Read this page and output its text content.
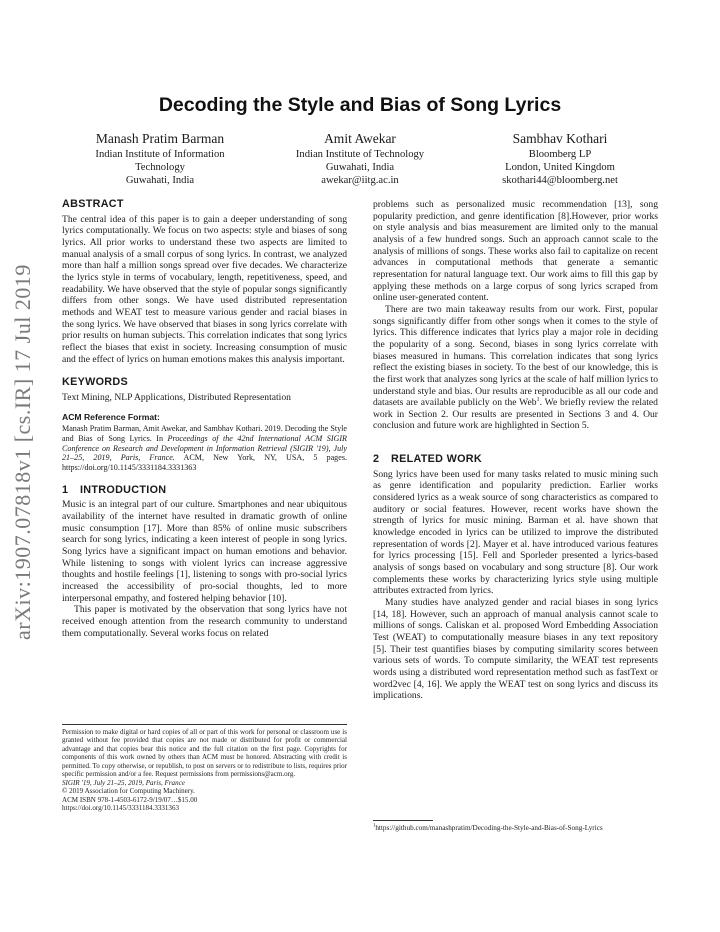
arXiv:1907.07818v1 [cs.IR] 17 Jul 2019
Decoding the Style and Bias of Song Lyrics
Manash Pratim Barman
Indian Institute of Information
Technology
Guwahati, India
Amit Awekar
Indian Institute of Technology
Guwahati, India
awekar@iitg.ac.in
Sambhav Kothari
Bloomberg LP
London, United Kingdom
skothari44@bloomberg.net
ABSTRACT

The central idea of this paper is to gain a deeper understanding of song lyrics computationally. We focus on two aspects: style and biases of song lyrics. All prior works to understand these two aspects are limited to manual analysis of a small corpus of song lyrics. In contrast, we analyzed more than half a million songs spread over five decades. We characterize the lyrics style in terms of vocabulary, length, repetitiveness, speed, and readability. We have observed that the style of popular songs significantly differs from other songs. We have used distributed representation methods and WEAT test to measure various gender and racial biases in the song lyrics. We have observed that biases in song lyrics correlate with prior results on human subjects. This correlation indicates that song lyrics reflect the biases that exist in society. Increasing consumption of music and the effect of lyrics on human emotions makes this analysis important.

KEYWORDS

Text Mining, NLP Applications, Distributed Representation

ACM Reference Format:

Manash Pratim Barman, Amit Awekar, and Sambhav Kothari. 2019. Decoding the Style and Bias of Song Lyrics. In Proceedings of the 42nd International ACM SIGIR Conference on Research and Development in Information Retrieval (SIGIR '19), July 21–25, 2019, Paris, France. ACM, New York, NY, USA, 5 pages. https://doi.org/10.1145/3331184.3331363

1 INTRODUCTION

Music is an integral part of our culture. Smartphones and near ubiquitous availability of the internet have resulted in dramatic growth of online music consumption [17]. More than 85% of online music subscribers search for song lyrics, indicating a keen interest of people in song lyrics. Song lyrics have a significant impact on human emotions and behavior. While listening to songs with violent lyrics can increase aggressive thoughts and hostile feelings [1], listening to songs with pro-social lyrics increased the accessibility of pro-social thoughts, led to more interpersonal empathy, and fostered helping behavior [10].

This paper is motivated by the observation that song lyrics have not received enough attention from the research community to understand them computationally. Several works focus on related

Permission to make digital or hard copies of all or part of this work for personal or classroom use is granted without fee provided that copies are not made or distributed for profit or commercial advantage and that copies bear this notice and the full citation on the first page. Copyrights for components of this work owned by others than ACM must be honored. Abstracting with credit is permitted. To copy otherwise, or republish, to post on servers or to redistribute to lists, requires prior specific permission and/or a fee. Request permissions from permissions@acm.org.

SIGIR '19, July 21–25, 2019, Paris, France
© 2019 Association for Computing Machinery.
ACM ISBN 978-1-4503-6172-9/19/07…$15.00
https://doi.org/10.1145/3331184.3331363

problems such as personalized music recommendation [13], song popularity prediction, and genre identification [8].However, prior works on style analysis and bias measurement are limited only to the manual analysis of a few hundred songs. Such an approach cannot scale to the analysis of millions of songs. These works also fail to capitalize on recent advances in computational methods that generate a semantic representation for natural language text. Our work aims to fill this gap by applying these methods on a large corpus of song lyrics scraped from online user-generated content.

There are two main takeaway results from our work. First, popular songs significantly differ from other songs when it comes to the style of lyrics. This difference indicates that lyrics play a major role in deciding the popularity of a song. Second, biases in song lyrics correlate with biases measured in humans. This correlation indicates that song lyrics reflect the existing biases in society. To the best of our knowledge, this is the first work that analyzes song lyrics at the scale of half million lyrics to understand style and bias. Our results are reproducible as all our code and datasets are available publicly on the Web$^1$. We briefly review the related work in Section 2. Our results are presented in Sections 3 and 4. Our conclusion and future work are highlighted in Section 5.

2 RELATED WORK

Song lyrics have been used for many tasks related to music mining such as genre identification and popularity prediction. Earlier works considered lyrics as a weak source of song characteristics as compared to auditory or social features. However, recent works have shown the strength of lyrics for music mining. Barman et al. have shown that knowledge encoded in lyrics can be utilized to improve the distributed representation of words [2]. Mayer et al. have introduced various features for lyrics processing [15]. Fell and Sporleder presented a lyrics-based analysis of songs based on vocabulary and song structure [8]. Our work complements these works by characterizing lyrics style using multiple attributes extracted from lyrics.

Many studies have analyzed gender and racial biases in song lyrics [14, 18]. However, such an approach of manual analysis cannot scale to millions of songs. Caliskan et al. proposed Word Embedding Association Test (WEAT) to computationally measure biases in any text repository [5]. Their test quantifies biases by computing similarity scores between various sets of words. To compute similarity, the WEAT test represents words using a distributed word representation method such as fastText or word2vec [4, 16]. We apply the WEAT test on song lyrics and discuss its implications.

$^1$https://github.com/manashpratim/Decoding-the-Style-and-Bias-of-Song-Lyrics
